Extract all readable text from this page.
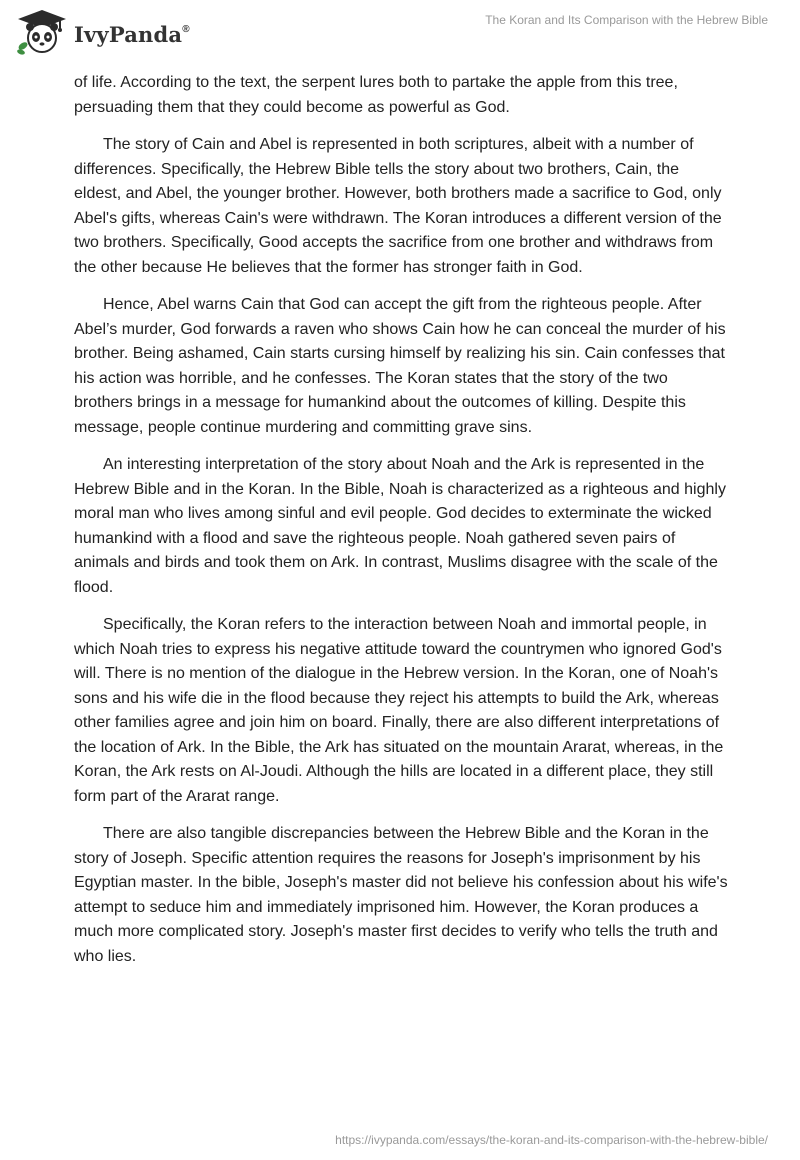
IvyPanda®
The Koran and Its Comparison with the Hebrew Bible

of life. According to the text, the serpent lures both to partake the apple from this tree, persuading them that they could become as powerful as God.

The story of Cain and Abel is represented in both scriptures, albeit with a number of differences. Specifically, the Hebrew Bible tells the story about two brothers, Cain, the eldest, and Abel, the younger brother. However, both brothers made a sacrifice to God, only Abel's gifts, whereas Cain's were withdrawn. The Koran introduces a different version of the two brothers. Specifically, Good accepts the sacrifice from one brother and withdraws from the other because He believes that the former has stronger faith in God.

Hence, Abel warns Cain that God can accept the gift from the righteous people. After Abel’s murder, God forwards a raven who shows Cain how he can conceal the murder of his brother. Being ashamed, Cain starts cursing himself by realizing his sin. Cain confesses that his action was horrible, and he confesses. The Koran states that the story of the two brothers brings in a message for humankind about the outcomes of killing. Despite this message, people continue murdering and committing grave sins.

An interesting interpretation of the story about Noah and the Ark is represented in the Hebrew Bible and in the Koran. In the Bible, Noah is characterized as a righteous and highly moral man who lives among sinful and evil people. God decides to exterminate the wicked humankind with a flood and save the righteous people. Noah gathered seven pairs of animals and birds and took them on Ark. In contrast, Muslims disagree with the scale of the flood.

Specifically, the Koran refers to the interaction between Noah and immortal people, in which Noah tries to express his negative attitude toward the countrymen who ignored God's will. There is no mention of the dialogue in the Hebrew version. In the Koran, one of Noah's sons and his wife die in the flood because they reject his attempts to build the Ark, whereas other families agree and join him on board. Finally, there are also different interpretations of the location of Ark. In the Bible, the Ark has situated on the mountain Ararat, whereas, in the Koran, the Ark rests on Al-Joudi. Although the hills are located in a different place, they still form part of the Ararat range.

There are also tangible discrepancies between the Hebrew Bible and the Koran in the story of Joseph. Specific attention requires the reasons for Joseph's imprisonment by his Egyptian master. In the bible, Joseph's master did not believe his confession about his wife's attempt to seduce him and immediately imprisoned him. However, the Koran produces a much more complicated story. Joseph's master first decides to verify who tells the truth and who lies.

https://ivypanda.com/essays/the-koran-and-its-comparison-with-the-hebrew-bible/
